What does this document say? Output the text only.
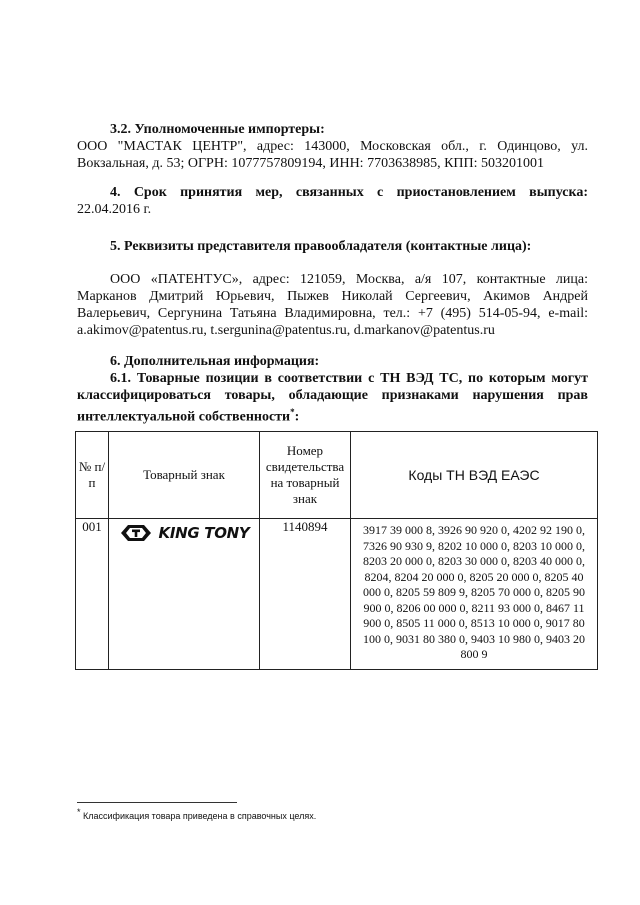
3.2. Уполномоченные импортеры:
ООО "МАСТАК ЦЕНТР", адрес: 143000, Московская обл., г. Одинцово, ул. Вокзальная, д. 53; ОГРН: 1077757809194, ИНН: 7703638985, КПП: 503201001
4. Срок принятия мер, связанных с приостановлением выпуска:
22.04.2016 г.
5. Реквизиты представителя правообладателя (контактные лица):
ООО «ПАТЕНТУС», адрес: 121059, Москва, а/я 107, контактные лица: Марканов Дмитрий Юрьевич, Пыжев Николай Сергеевич, Акимов Андрей Валерьевич, Сергунина Татьяна Владимировна, тел.: +7 (495) 514-05-94, e-mail: a.akimov@patentus.ru, t.sergunina@patentus.ru, d.markanov@patentus.ru
6. Дополнительная информация:
6.1. Товарные позиции в соответствии с ТН ВЭД ТС, по которым могут классифицироваться товары, обладающие признаками нарушения прав интеллектуальной собственности*:
№ п/п	Товарный знак	Номер свидетельства на товарный знак	Коды ТН ВЭД ЕАЭС
001	KING TONY	1140894	3917 39 000 8, 3926 90 920 0, 4202 92 190 0, 7326 90 930 9, 8202 10 000 0, 8203 10 000 0, 8203 20 000 0, 8203 30 000 0, 8203 40 000 0, 8204, 8204 20 000 0, 8205 20 000 0, 8205 40 000 0, 8205 59 809 9, 8205 70 000 0, 8205 90 900 0, 8206 00 000 0, 8211 93 000 0, 8467 11 900 0, 8505 11 000 0, 8513 10 000 0, 9017 80 100 0, 9031 80 380 0, 9403 10 980 0, 9403 20 800 9
* Классификация товара приведена в справочных целях.
